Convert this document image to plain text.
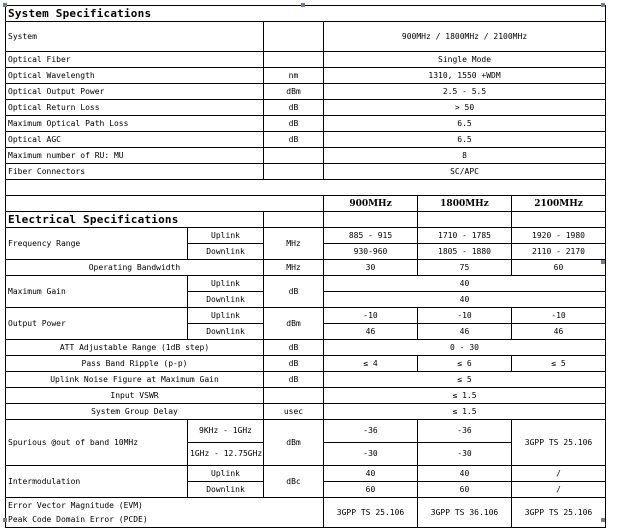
System Specifications				

System		900MHz / 1800MHz / 2100MHz		
Optical Fiber		Single Mode		
Optical Wavelength	nm	1310, 1550 +WDM		
Optical Output Power	dBm	2.5 - 5.5		
Optical Return Loss	dB	> 50		
Maximum Optical Path Loss	dB	6.5		
Optical AGC	dB	6.5		
Maximum number of RU: MU		8		
Fiber Connectors		SC/APC		

		900MHz	1800MHz	2100MHz

Electrical Specifications				

Frequency Range	Uplink	MHz	885 - 915	1710 - 1785	1920 - 1980
	Downlink		930-960	1805 - 1880	2110 - 2170
Operating Bandwidth		MHz	30	75	60
Maximum Gain	Uplink	dB	40		
	Downlink		40		
Output Power	Uplink	dBm	-10	-10	-10
	Downlink		46	46	46
ATT Adjustable Range (1dB step)		dB	0 - 30		
Pass Band Ripple (p-p)		dB	≤ 4	≤ 6	≤ 5
Uplink Noise Figure at Maximum Gain		dB	≤ 5		
Input VSWR			≤ 1.5		
System Group Delay		usec	≤ 1.5		
Spurious @out of band 10MHz	9KHz - 1GHz	dBm	-36	-36	3GPP TS 25.106
	1GHz - 12.75GHz		-30	-30	
Intermodulation	Uplink	dBc	40	40	/
	Downlink		60	60	/

Error Vector Magnitude (EVM)
Peak Code Domain Error (PCDE)			3GPP TS 25.106	3GPP TS 36.106	3GPP TS 25.106
